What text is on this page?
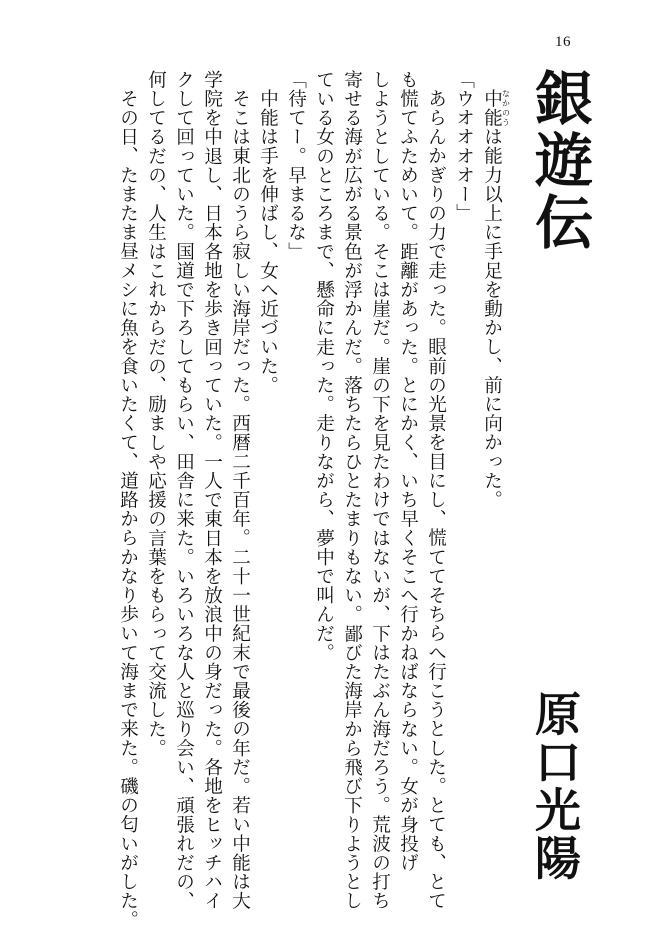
16
銀遊伝
原口光陽
中能 なかのうは能力以上に手足を動かし、前に向かった。
「ウオオオオー」
あらんかぎりの力で走った。眼前の光景を目にし、慌ててそちらへ行こうとした。とても、とて
も慌てふためいて。距離があった。とにかく、いち早くそこへ行かねばならない。女が身投げ
しようとしている。そこは崖だ。崖の下を見たわけではないが、下はたぶん海だろう。荒波の打ち
寄せる海が広がる景色が浮かんだ。落ちたらひとたまりもない。鄙びた海岸から飛び下りようとし
ている女のところまで、懸命に走った。走りながら、夢中で叫んだ。
「待てー。早まるな」
中能は手を伸ばし、女へ近づいた。
そこは東北のうら寂しい海岸だった。西暦二千百年。二十一世紀末で最後の年だ。若い中能は大
学院を中退し、日本各地を歩き回っていた。一人で東日本を放浪中の身だった。各地をヒッチハイ
クして回っていた。国道で下ろしてもらい、田舎に来た。いろいろな人と巡り会い、頑張れだの、
何してるだの、人生はこれからだの、励ましや応援の言葉をもらって交流した。
その日、たまたま昼メシに魚を食いたくて、道路からかなり歩いて海まで来た。磯の匂いがした。
